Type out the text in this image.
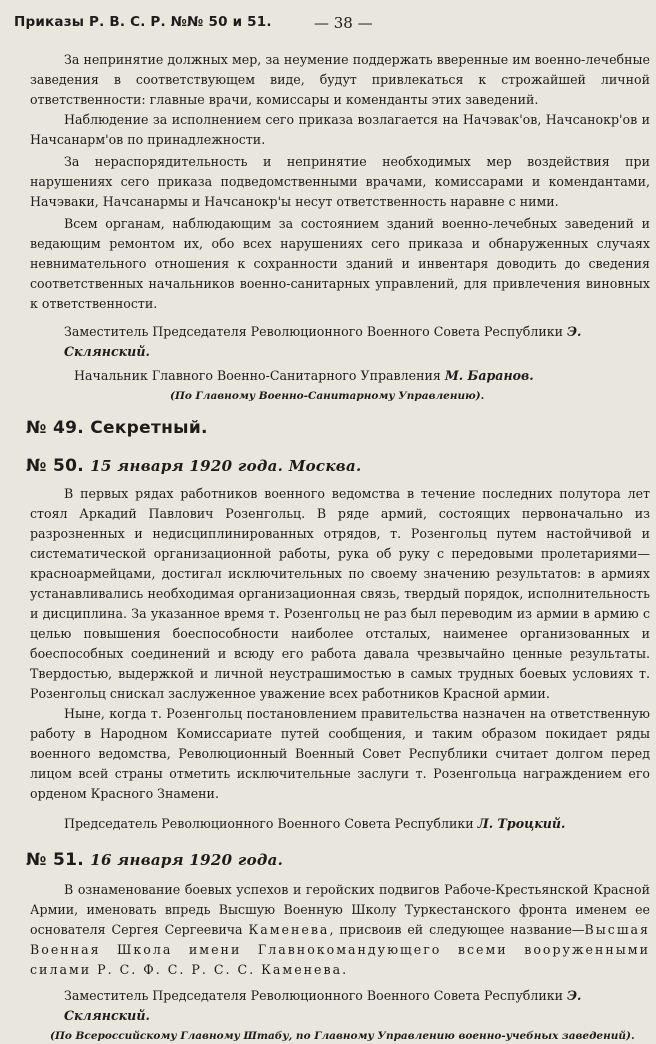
Приказы Р. В. С. Р. №№ 50 и 51.	— 38 —

За непринятие должных мер, за неумение поддержать вверенные им военно-лечебные заведения в соответствующем виде, будут привлекаться к строжайшей личной ответственности: главные врачи, комиссары и коменданты этих заведений.

Наблюдение за исполнением сего приказа возлагается на Начэвак'ов, Начсанокр'ов и Начсанарм'ов по принадлежности.

За нераспорядительность и непринятие необходимых мер воздействия при нарушениях сего приказа подведомственными врачами, комиссарами и комендантами, Начэваки, Начсанармы и Начсанокр'ы несут ответственность наравне с ними.

Всем органам, наблюдающим за состоянием зданий военно-лечебных заведений и ведающим ремонтом их, обо всех нарушениях сего приказа и обнаруженных случаях невнимательного отношения к сохранности зданий и инвентаря доводить до сведения соответственных начальников военно-санитарных управлений, для привлечения виновных к ответственности.

Заместитель Председателя Революционного Военного Совета Республики Э. Склянский.
Начальник Главного Военно-Санитарного Управления М. Баранов.
(По Главному Военно-Санитарному Управлению).
№ 49. Секретный.
№ 50. 15 января 1920 года. Москва.

В первых рядах работников военного ведомства в течение последних полутора лет стоял Аркадий Павлович Розенгольц. В ряде армий, состоящих первоначально из разрозненных и недисциплинированных отрядов, т. Розенгольц путем настойчивой и систематической организационной работы, рука об руку с передовыми пролетариями—красноармейцами, достигал исключительных по своему значению результатов: в армиях устанавливались необходимая организационная связь, твердый порядок, исполнительность и дисциплина. За указанное время т. Розенгольц не раз был переводим из армии в армию с целью повышения боеспособности наиболее отсталых, наименее организованных и боеспособных соединений и всюду его работа давала чрезвычайно ценные результаты. Твердостью, выдержкой и личной неустрашимостью в самых трудных боевых условиях т. Розенгольц снискал заслуженное уважение всех работников Красной армии.

Ныне, когда т. Розенгольц постановлением правительства назначен на ответственную работу в Народном Комиссариате путей сообщения, и таким образом покидает ряды военного ведомства, Революционный Военный Совет Республики считает долгом перед лицом всей страны отметить исключительные заслуги т. Розенгольца награждением его орденом Красного Знамени.

Председатель Революционного Военного Совета Республики Л. Троцкий.
№ 51. 16 января 1920 года.

В ознаменование боевых успехов и геройских подвигов Рабоче-Крестьянской Красной Армии, именовать впредь Высшую Военную Школу Туркестанского фронта именем ее основателя Сергея Сергеевича Каменева, присвоив ей следующее название—Высшая Военная Школа имени Главнокомандующего всеми вооруженными силами Р. С. Ф. С. Р. С. С. Каменева.

Заместитель Председателя Революционного Военного Совета Республики Э. Склянский.
(По Всероссийскому Главному Штабу, по Главному Управлению военно-учебных заведений).
